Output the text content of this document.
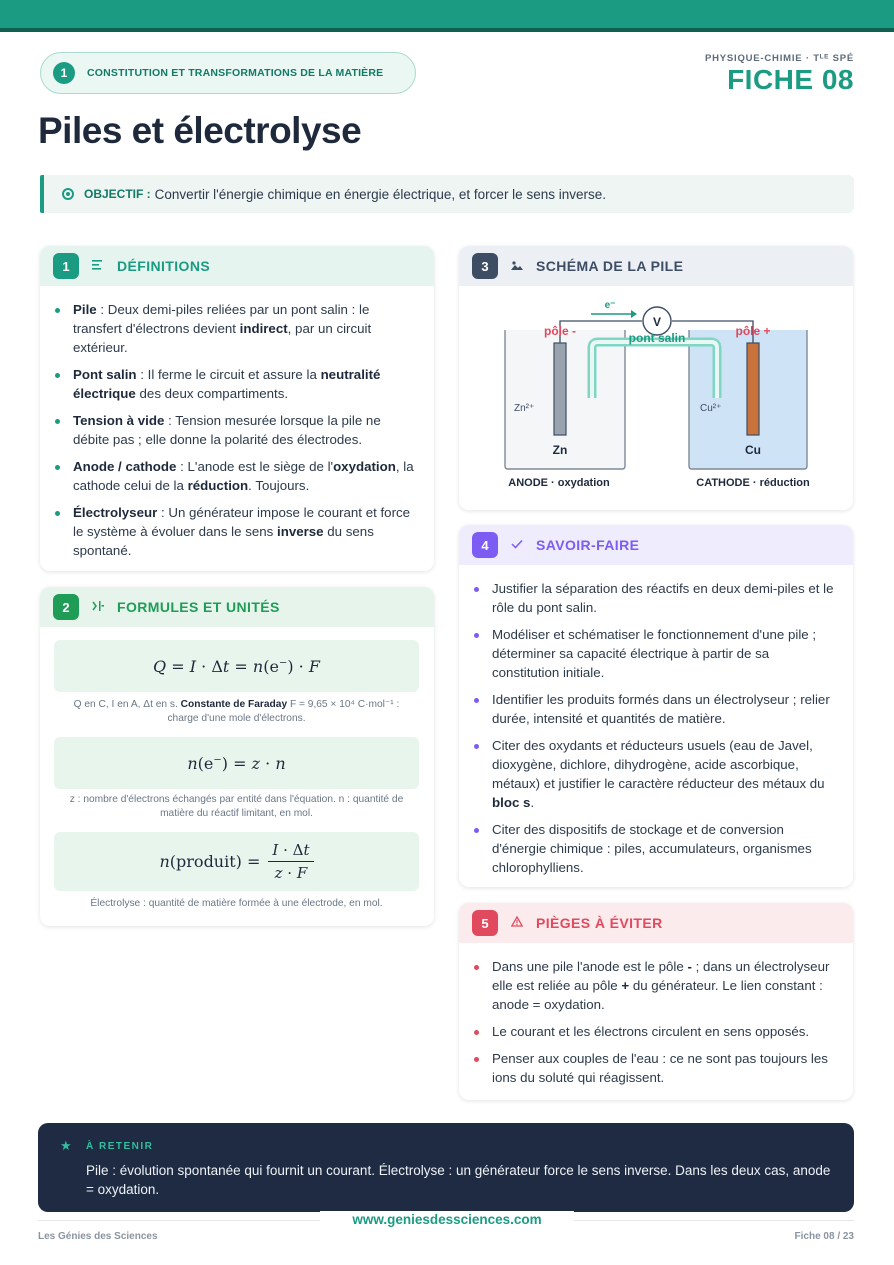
1	CONSTITUTION ET TRANSFORMATIONS DE LA MATIÈRE
PHYSIQUE-CHIMIE · Tᴸᴱ SPÉ
FICHE 08
Piles et électrolyse
OBJECTIF : Convertir l'énergie chimique en énergie électrique, et forcer le sens inverse.
1	DÉFINITIONS
Pile : Deux demi-piles reliées par un pont salin : le transfert d'électrons devient indirect, par un circuit extérieur.
Pont salin : Il ferme le circuit et assure la neutralité électrique des deux compartiments.
Tension à vide : Tension mesurée lorsque la pile ne débite pas ; elle donne la polarité des électrodes.
Anode / cathode : L'anode est le siège de l'oxydation, la cathode celui de la réduction. Toujours.
Électrolyseur : Un générateur impose le courant et force le système à évoluer dans le sens inverse du sens spontané.
2	FORMULES ET UNITÉS
Q = I · Δt = n(e−) · F
Q en C, I en A, Δt en s. Constante de Faraday F = 9,65 × 10⁴ C·mol⁻¹ : charge d'une mole d'électrons.
n(e−) = z · n
z : nombre d'électrons échangés par entité dans l'équation. n : quantité de matière du réactif limitant, en mol.
n(produit) = $\frac{I \cdot \Delta t}{z \cdot F}$
Électrolyse : quantité de matière formée à une électrode, en mol.
3	SCHÉMA DE LA PILE
V
e⁻
pôle -	pôle +
pont salin
Zn²⁺	Cu²⁺
Zn	Cu
ANODE · oxydation	CATHODE · réduction
4	SAVOIR-FAIRE
Justifier la séparation des réactifs en deux demi-piles et le rôle du pont salin.
Modéliser et schématiser le fonctionnement d'une pile ; déterminer sa capacité électrique à partir de sa constitution initiale.
Identifier les produits formés dans un électrolyseur ; relier durée, intensité et quantités de matière.
Citer des oxydants et réducteurs usuels (eau de Javel, dioxygène, dichlore, dihydrogène, acide ascorbique, métaux) et justifier le caractère réducteur des métaux du bloc s.
Citer des dispositifs de stockage et de conversion d'énergie chimique : piles, accumulateurs, organismes chlorophylliens.
5	PIÈGES À ÉVITER
Dans une pile l'anode est le pôle - ; dans un électrolyseur elle est reliée au pôle + du générateur. Le lien constant : anode = oxydation.
Le courant et les électrons circulent en sens opposés.
Penser aux couples de l'eau : ce ne sont pas toujours les ions du soluté qui réagissent.
★ À RETENIR
Pile : évolution spontanée qui fournit un courant. Électrolyse : un générateur force le sens inverse. Dans les deux cas, anode = oxydation.
www.geniesdessciences.com
Les Génies des Sciences	Fiche 08 / 23
